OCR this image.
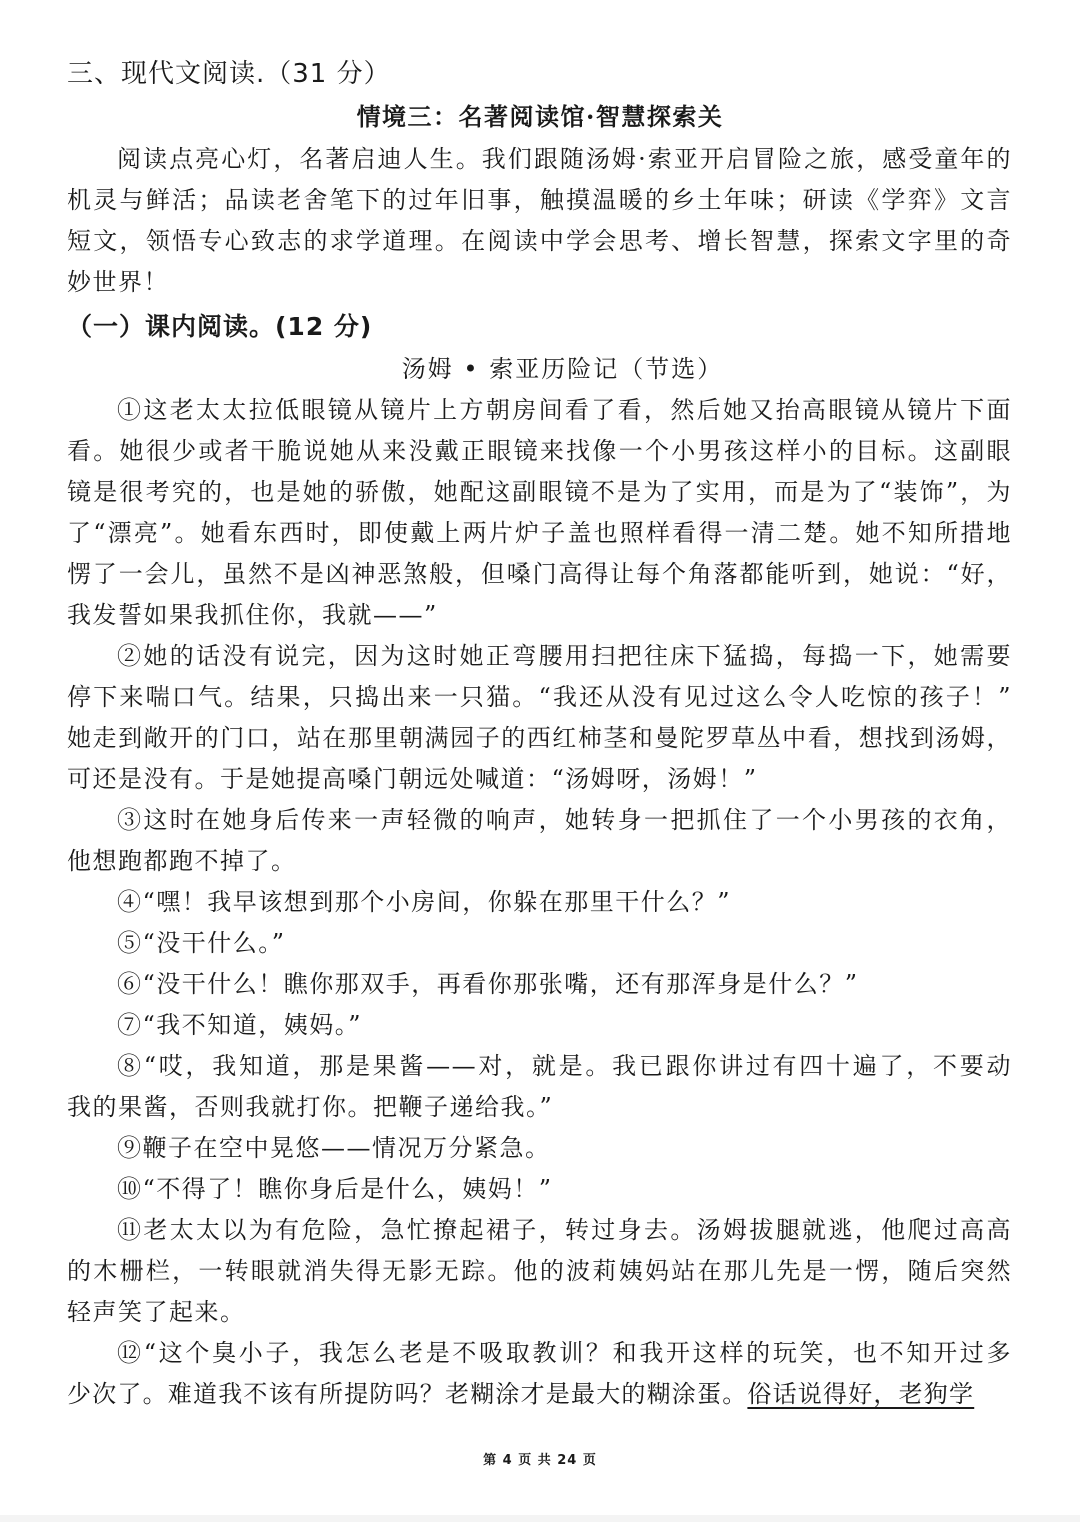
三、现代文阅读.（31 分）
情境三：名著阅读馆·智慧探索关
阅读点亮心灯，名著启迪人生。我们跟随汤姆·索亚开启冒险之旅，感受童年的
机灵与鲜活；品读老舍笔下的过年旧事，触摸温暖的乡土年味；研读《学弈》文言
短文，领悟专心致志的求学道理。在阅读中学会思考、增长智慧，探索文字里的奇
妙世界！
（一）课内阅读。(12 分)
汤姆 • 索亚历险记（节选）
①这老太太拉低眼镜从镜片上方朝房间看了看，然后她又抬高眼镜从镜片下面
看。她很少或者干脆说她从来没戴正眼镜来找像一个小男孩这样小的目标。这副眼
镜是很考究的，也是她的骄傲，她配这副眼镜不是为了实用，而是为了“装饰”，为
了“漂亮”。她看东西时，即使戴上两片炉子盖也照样看得一清二楚。她不知所措地
愣了一会儿，虽然不是凶神恶煞般，但嗓门高得让每个角落都能听到，她说：“好，
我发誓如果我抓住你，我就——”
②她的话没有说完，因为这时她正弯腰用扫把往床下猛捣，每捣一下，她需要
停下来喘口气。结果，只捣出来一只猫。“我还从没有见过这么令人吃惊的孩子！”
她走到敞开的门口，站在那里朝满园子的西红柿茎和曼陀罗草丛中看，想找到汤姆，
可还是没有。于是她提高嗓门朝远处喊道：“汤姆呀，汤姆！”
③这时在她身后传来一声轻微的响声，她转身一把抓住了一个小男孩的衣角，
他想跑都跑不掉了。
④“嘿！我早该想到那个小房间，你躲在那里干什么？”
⑤“没干什么。”
⑥“没干什么！瞧你那双手，再看你那张嘴，还有那浑身是什么？”
⑦“我不知道，姨妈。”
⑧“哎，我知道，那是果酱——对，就是。我已跟你讲过有四十遍了，不要动
我的果酱，否则我就打你。把鞭子递给我。”
⑨鞭子在空中晃悠——情况万分紧急。
⑩“不得了！瞧你身后是什么，姨妈！”
⑪老太太以为有危险，急忙撩起裙子，转过身去。汤姆拔腿就逃，他爬过高高
的木栅栏，一转眼就消失得无影无踪。他的波莉姨妈站在那儿先是一愣，随后突然
轻声笑了起来。
⑫“这个臭小子，我怎么老是不吸取教训？和我开这样的玩笑，也不知开过多
少次了。难道我不该有所提防吗？老糊涂才是最大的糊涂蛋。俗话说得好，老狗学
第 4 页 共 24 页
